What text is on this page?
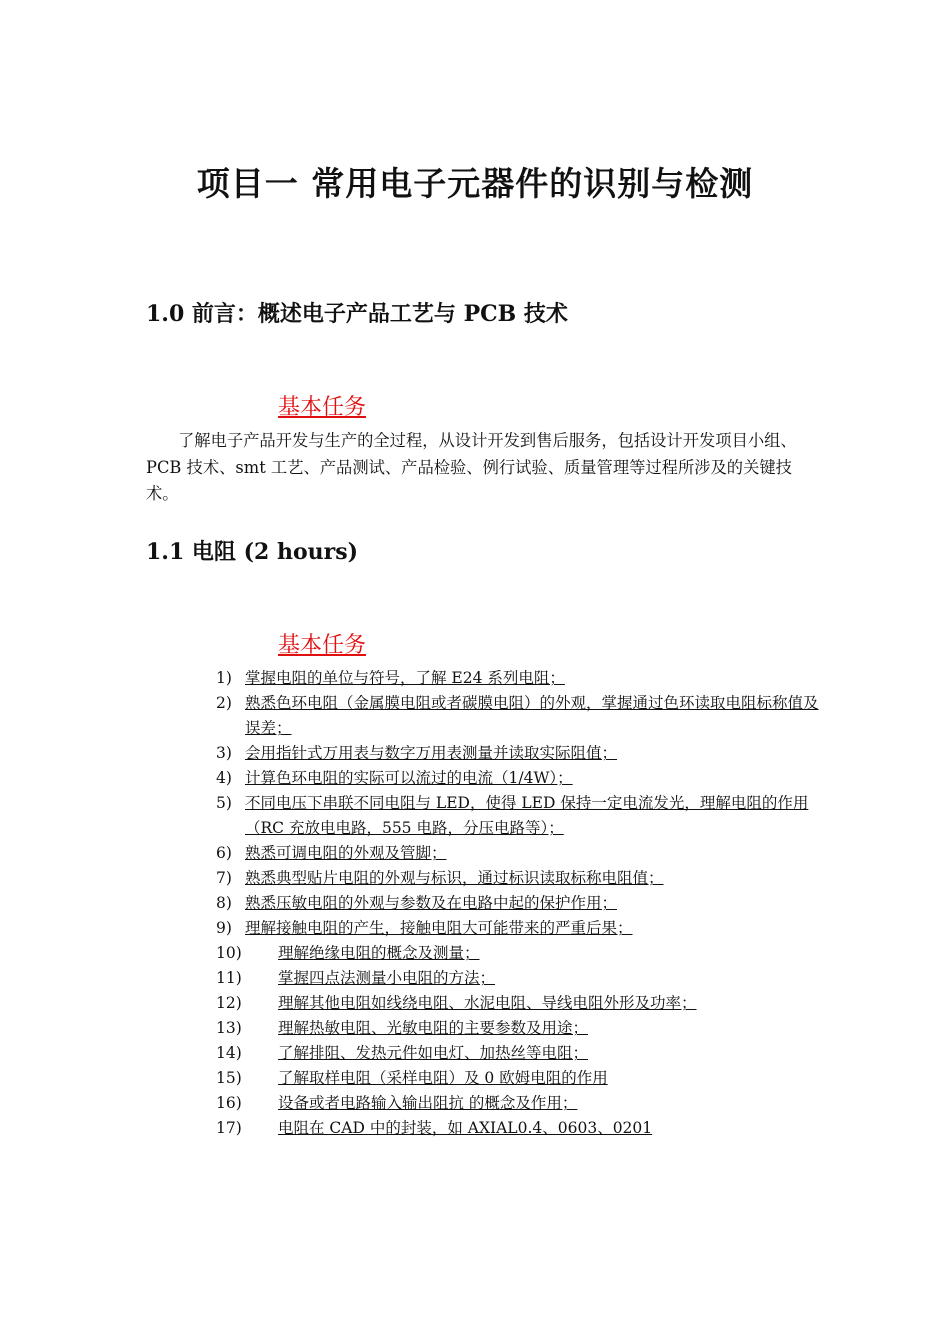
项目一 常用电子元器件的识别与检测
1.0 前言：概述电子产品工艺与 PCB 技术
基本任务

了解电子产品开发与生产的全过程，从设计开发到售后服务，包括设计开发项目小组、PCB 技术、smt 工艺、产品测试、产品检验、例行试验、质量管理等过程所涉及的关键技术。

1.1 电阻 (2 hours)
基本任务
1) 掌握电阻的单位与符号，了解 E24 系列电阻；
2) 熟悉色环电阻（金属膜电阻或者碳膜电阻）的外观，掌握通过色环读取电阻标称值及误差；
3) 会用指针式万用表与数字万用表测量并读取实际阻值；
4) 计算色环电阻的实际可以流过的电流（1/4W）；
5) 不同电压下串联不同电阻与 LED，使得 LED 保持一定电流发光，理解电阻的作用（RC 充放电电路，555 电路，分压电路等）；
6) 熟悉可调电阻的外观及管脚；
7) 熟悉典型贴片电阻的外观与标识，通过标识读取标称电阻值；
8) 熟悉压敏电阻的外观与参数及在电路中起的保护作用；
9) 理解接触电阻的产生，接触电阻大可能带来的严重后果；
10) 理解绝缘电阻的概念及测量；
11) 掌握四点法测量小电阻的方法；
12) 理解其他电阻如线绕电阻、水泥电阻、导线电阻外形及功率；
13) 理解热敏电阻、光敏电阻的主要参数及用途；
14) 了解排阻、发热元件如电灯、加热丝等电阻；
15) 了解取样电阻（采样电阻）及 0 欧姆电阻的作用
16) 设备或者电路输入输出阻抗 的概念及作用；
17) 电阻在 CAD 中的封装，如 AXIAL0.4、0603、0201
